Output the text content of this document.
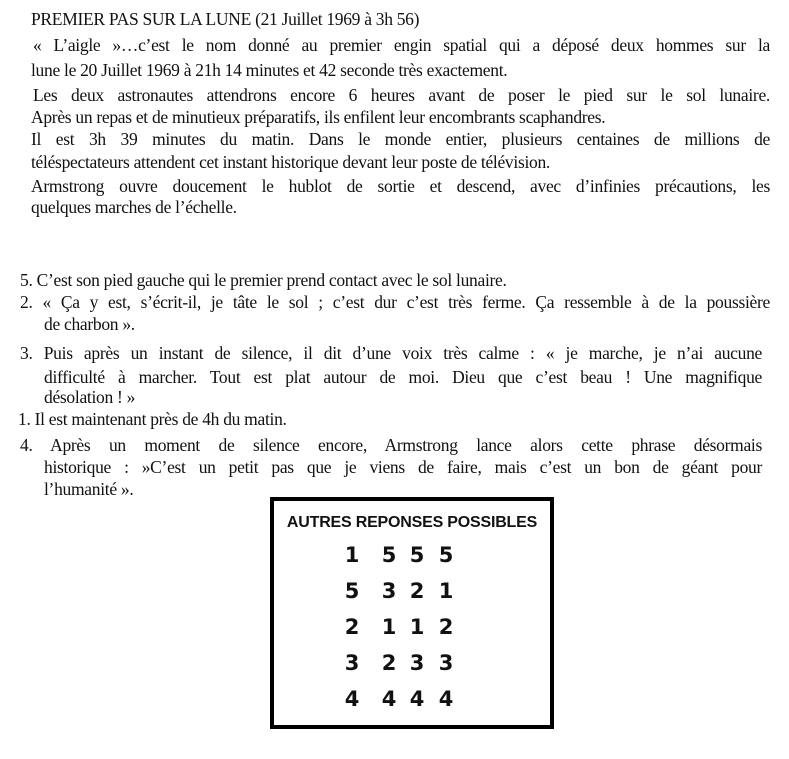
PREMIER PAS SUR LA LUNE (21 Juillet 1969 à 3h 56)
« L’aigle »…c’est le nom donné au premier engin spatial qui a déposé deux hommes sur la
lune le 20 Juillet 1969 à 21h 14 minutes et 42 seconde très exactement.
Les deux astronautes attendrons encore 6 heures avant de poser le pied sur le sol lunaire.
Après un repas et de minutieux préparatifs, ils enfilent leur encombrants scaphandres.
Il est 3h 39 minutes du matin. Dans le monde entier, plusieurs centaines de millions de
téléspectateurs attendent cet instant historique devant leur poste de télévision.
Armstrong ouvre doucement le hublot de sortie et descend, avec d’infinies précautions, les
quelques marches de l’échelle.
5. C’est son pied gauche qui le premier prend contact avec le sol lunaire.
2. « Ça y est, s’écrit-il, je tâte le sol ; c’est dur c’est très ferme. Ça ressemble à de la poussière
de charbon ».
3. Puis après un instant de silence, il dit d’une voix très calme : « je marche, je n’ai aucune
difficulté à marcher. Tout est plat autour de moi. Dieu que c’est beau ! Une magnifique
désolation ! »
1. Il est maintenant près de 4h du matin.
4. Après un moment de silence encore, Armstrong lance alors cette phrase désormais
historique : »C’est un petit pas que je viens de faire, mais c’est un bon de géant pour
l’humanité ».
AUTRES REPONSES POSSIBLES
1 5 5 5
5 3 2 1
2 1 1 2
3 2 3 3
4 4 4 4
